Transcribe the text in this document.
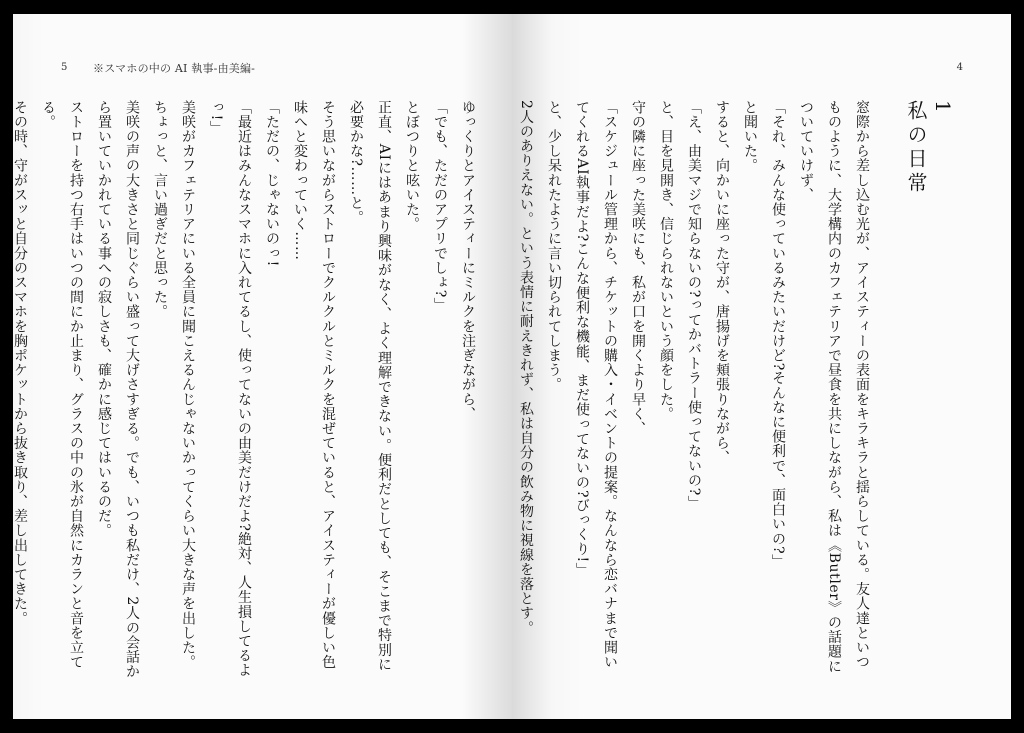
5 ※スマホの中の AI 執事-由美編-

ゆっくりとアイスティーにミルクを注ぎながら、

「でも、ただのアプリでしょ?」

とぼつりと呟いた。

正直、AIにはあまり興味がなく、よく理解できない。便利だとしても、そこまで特別に必要かな?……と。

そう思いながらストローでクルクルとミルクを混ぜていると、アイスティーが優しい色味へと変わっていく……

「ただの、じゃないのっ!

「最近はみんなスマホに入れてるし、使ってないの由美だけだよ?絶対、人生損してるよっ!」

美咲がカフェテリアにいる全員に聞こえるんじゃないかってくらい大きな声を出した。

ちょっと、言い過ぎだと思った。

美咲の声の大きさと同じぐらい盛って大げさすぎる。でも、いつも私だけ、2人の会話から置いていかれている事への寂しさも、確かに感じてはいるのだ。

ストローを持つ右手はいつの間にか止まり、グラスの中の氷が自然にカランと音を立てる。

その時、守がスッと自分のスマホを胸ポケットから抜き取り、差し出してきた。

4
1
私の日常

窓際から差し込む光が、アイスティーの表面をキラキラと揺らしている。友人達といつものように、大学構内のカフェテリアで昼食を共にしながら、私は《Butler》の話題についていけず、

「それ、みんな使っているみたいだけど?そんなに便利で、面白いの?」

と聞いた。

すると、向かいに座った守が、唐揚げを頬張りながら、

「え、由美マジで知らないの?ってかバトラー使ってないの?」

と、目を見開き、信じられないという顔をした。

守の隣に座った美咲にも、私が口を開くより早く、

「スケジュール管理から、チケットの購入・イベントの提案。なんなら恋バナまで聞いてくれるAI執事だよ?こんな便利な機能、まだ使ってないの?びっくり!」

と、少し呆れたように言い切られてしまう。

2人のありえない。という表情に耐えきれず、私は自分の飲み物に視線を落とす。
